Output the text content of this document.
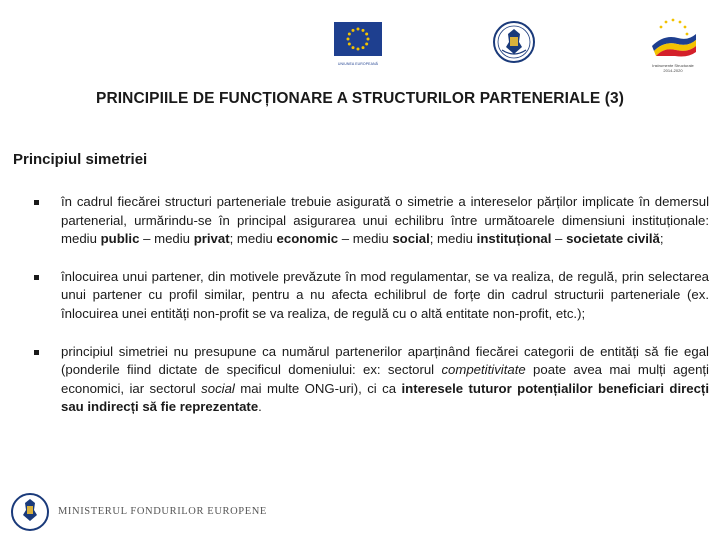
UNIUNEA EUROPEANĂ	Instrumente Structurale
2014-2020
PRINCIPIILE DE FUNCȚIONARE A STRUCTURILOR PARTENERIALE (3)
Principiul simetriei
în cadrul fiecărei structuri parteneriale trebuie asigurată o simetrie a intereselor părților implicate în demersul partenerial, urmărindu-se în principal asigurarea unui echilibru între următoarele dimensiuni instituționale: mediu public – mediu privat; mediu economic – mediu social; mediu instituțional – societate civilă;
înlocuirea unui partener, din motivele prevăzute în mod regulamentar, se va realiza, de regulă, prin selectarea unui partener cu profil similar, pentru a nu afecta echilibrul de forțe din cadrul structurii parteneriale (ex. înlocuirea unei entități non-profit se va realiza, de regulă cu o altă entitate non-profit, etc.);
principiul simetriei nu presupune ca numărul partenerilor aparținând fiecărei categorii de entități să fie egal (ponderile fiind dictate de specificul domeniului: ex: sectorul competitivitate poate avea mai mulți agenți economici, iar sectorul social mai multe ONG-uri), ci ca interesele tuturor potențialilor beneficiari direcți sau indirecți să fie reprezentate.
MINISTERUL FONDURILOR EUROPENE
